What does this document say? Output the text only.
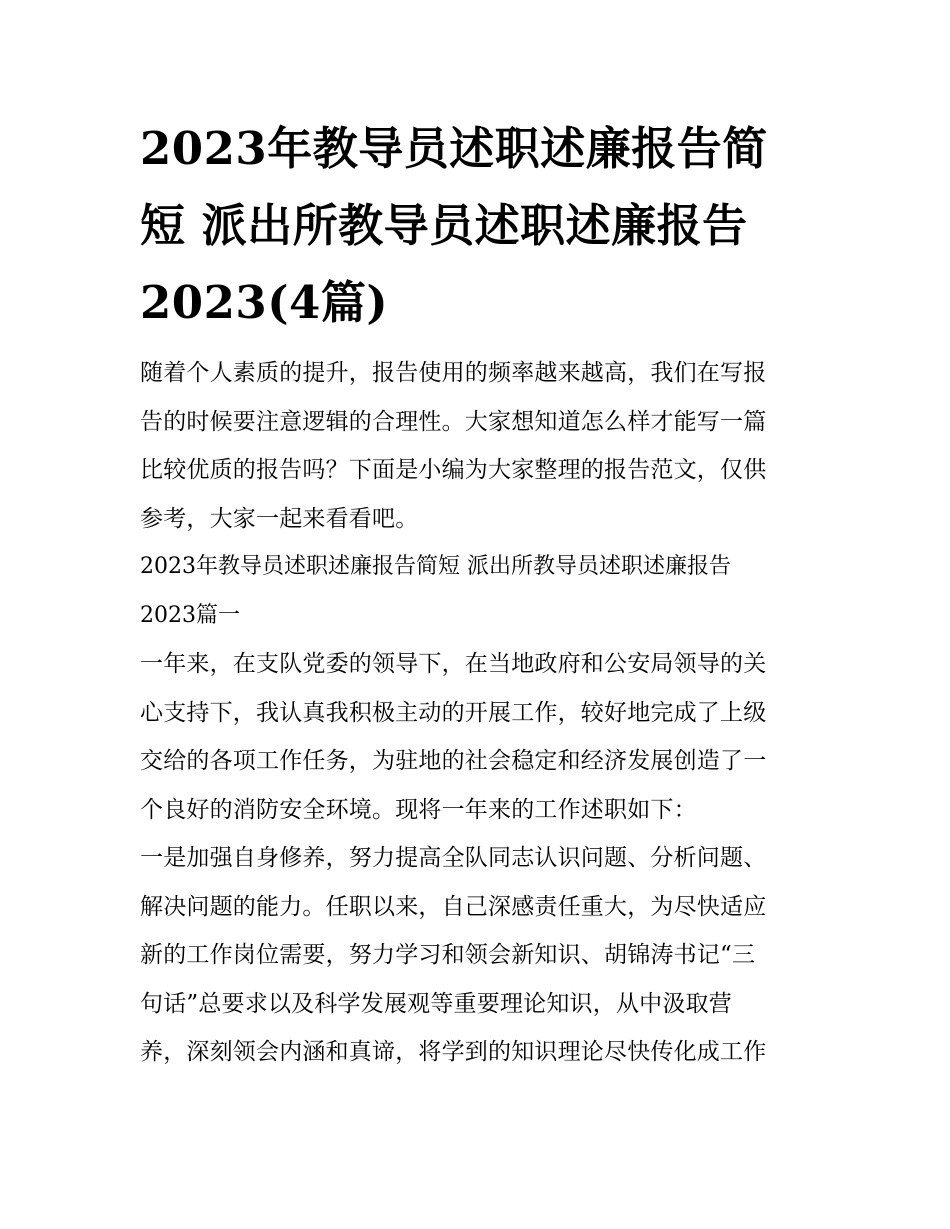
2023年教导员述职述廉报告简
短 派出所教导员述职述廉报告
2023(4篇)
随着个人素质的提升，报告使用的频率越来越高，我们在写报
告的时候要注意逻辑的合理性。大家想知道怎么样才能写一篇
比较优质的报告吗？下面是小编为大家整理的报告范文，仅供
参考，大家一起来看看吧。
2023年教导员述职述廉报告简短 派出所教导员述职述廉报告
2023篇一
一年来，在支队党委的领导下，在当地政府和公安局领导的关
心支持下，我认真我积极主动的开展工作，较好地完成了上级
交给的各项工作任务，为驻地的社会稳定和经济发展创造了一
个良好的消防安全环境。现将一年来的工作述职如下：
一是加强自身修养，努力提高全队同志认识问题、分析问题、
解决问题的能力。任职以来，自己深感责任重大，为尽快适应
新的工作岗位需要，努力学习和领会新知识、胡锦涛书记“三
句话”总要求以及科学发展观等重要理论知识，从中汲取营
养，深刻领会内涵和真谛，将学到的知识理论尽快传化成工作
